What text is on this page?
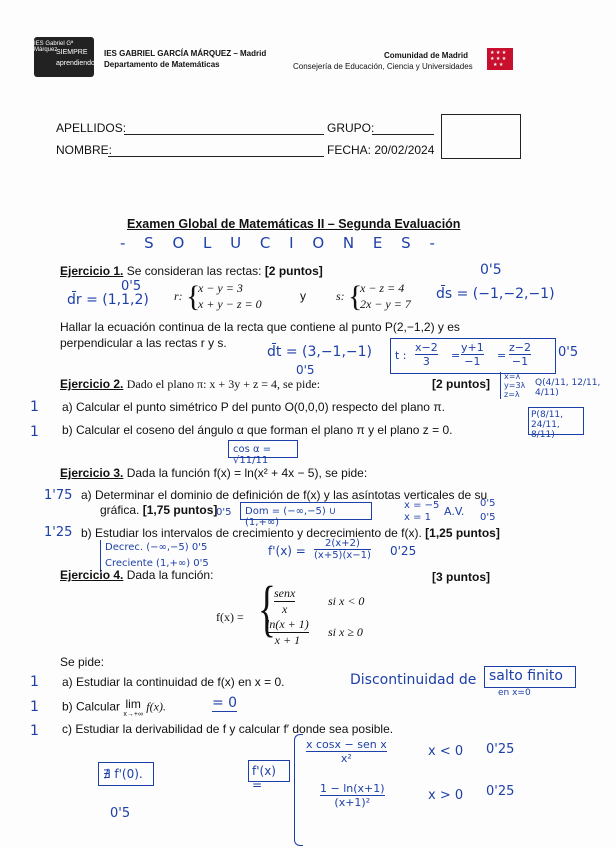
IES Gabriel Gª Márquez
SIEMPRE
aprendiendo
IES GABRIEL GARCÍA MÁRQUEZ – Madrid
Departamento de Matemáticas
Comunidad de Madrid
Consejería de Educación, Ciencia y Universidades
★ ★ ★
★ ★ ★
★ ★
APELLIDOS:	GRUPO:
NOMBRE:	FECHA: 20/02/2024
Examen Global de Matemáticas II – Segunda Evaluación
- S O L U C I O N E S -
Ejercicio 1. Se consideran las rectas: [2 puntos]	0'5
0'5
d̄r = (1,1,2) r: {
x − y = 3
x + y − z = 0
y	s: {
x − z = 4
2x − y = 7
d̄s = (−1,−2,−1)
Hallar la ecuación continua de la recta que contiene al punto P(2,−1,2) y es
perpendicular a las rectas r y s.
d̄t = (3,−1,−1)
0'5
t : $\frac{x-2}{3} = \frac{y+1}{-1} = \frac{z-2}{-1} 0'5$
Ejercicio 2. Dado el plano π: x + 3y + z = 4, se pide:	[2 puntos]
x=λ y=3λ z=λ
Q(4/11, 12/11, 4/11)
1 a) Calcular el punto simétrico P del punto O(0,0,0) respecto del plano π.
P(8/11, 24/11, 8/11)
1 b) Calcular el coseno del ángulo α que forman el plano π y el plano z = 0.
cos α = √11/11
Ejercicio 3. Dada la función f(x) = ln(x² + 4x − 5), se pide:
1'75 a) Determinar el dominio de definición de f(x) y las asíntotas verticales de su
gráfica. [1,75 puntos]
0'5	Dom = (−∞,−5) ∪ (1,+∞)
x = −5
x = 1	A.V.
0'5
0'5
1'25 b) Estudiar los intervalos de crecimiento y decrecimiento de f(x). [1,25 puntos]
Decrec. (−∞,−5) 0'5
Creciente (1,+∞) 0'5
$f'(x) = \frac{2(x+2)}{(x+5)(x-1)} 0'25$
Ejercicio 4. Dada la función:	[3 puntos]
f(x) = {
senx
x
si x < 0
$\frac{\ln(x + 1)}{x + 1}$ si x ≥ 0
Se pide:
1 a) Estudiar la continuidad de f(x) en x = 0.	Discontinuidad de salto finito
en x=0
1 b) Calcular lim
x→+∞
f(x).	= 0
1 c) Estudiar la derivabilidad de f y calcular f′ donde sea posible.
∄ f'(0).
0'5
f'(x) =
x cosx − sen x
x²	x < 0 0'25
$\frac{1 - \ln(x+1)}{\text{(x+1)²}}$	x > 0 0'25
